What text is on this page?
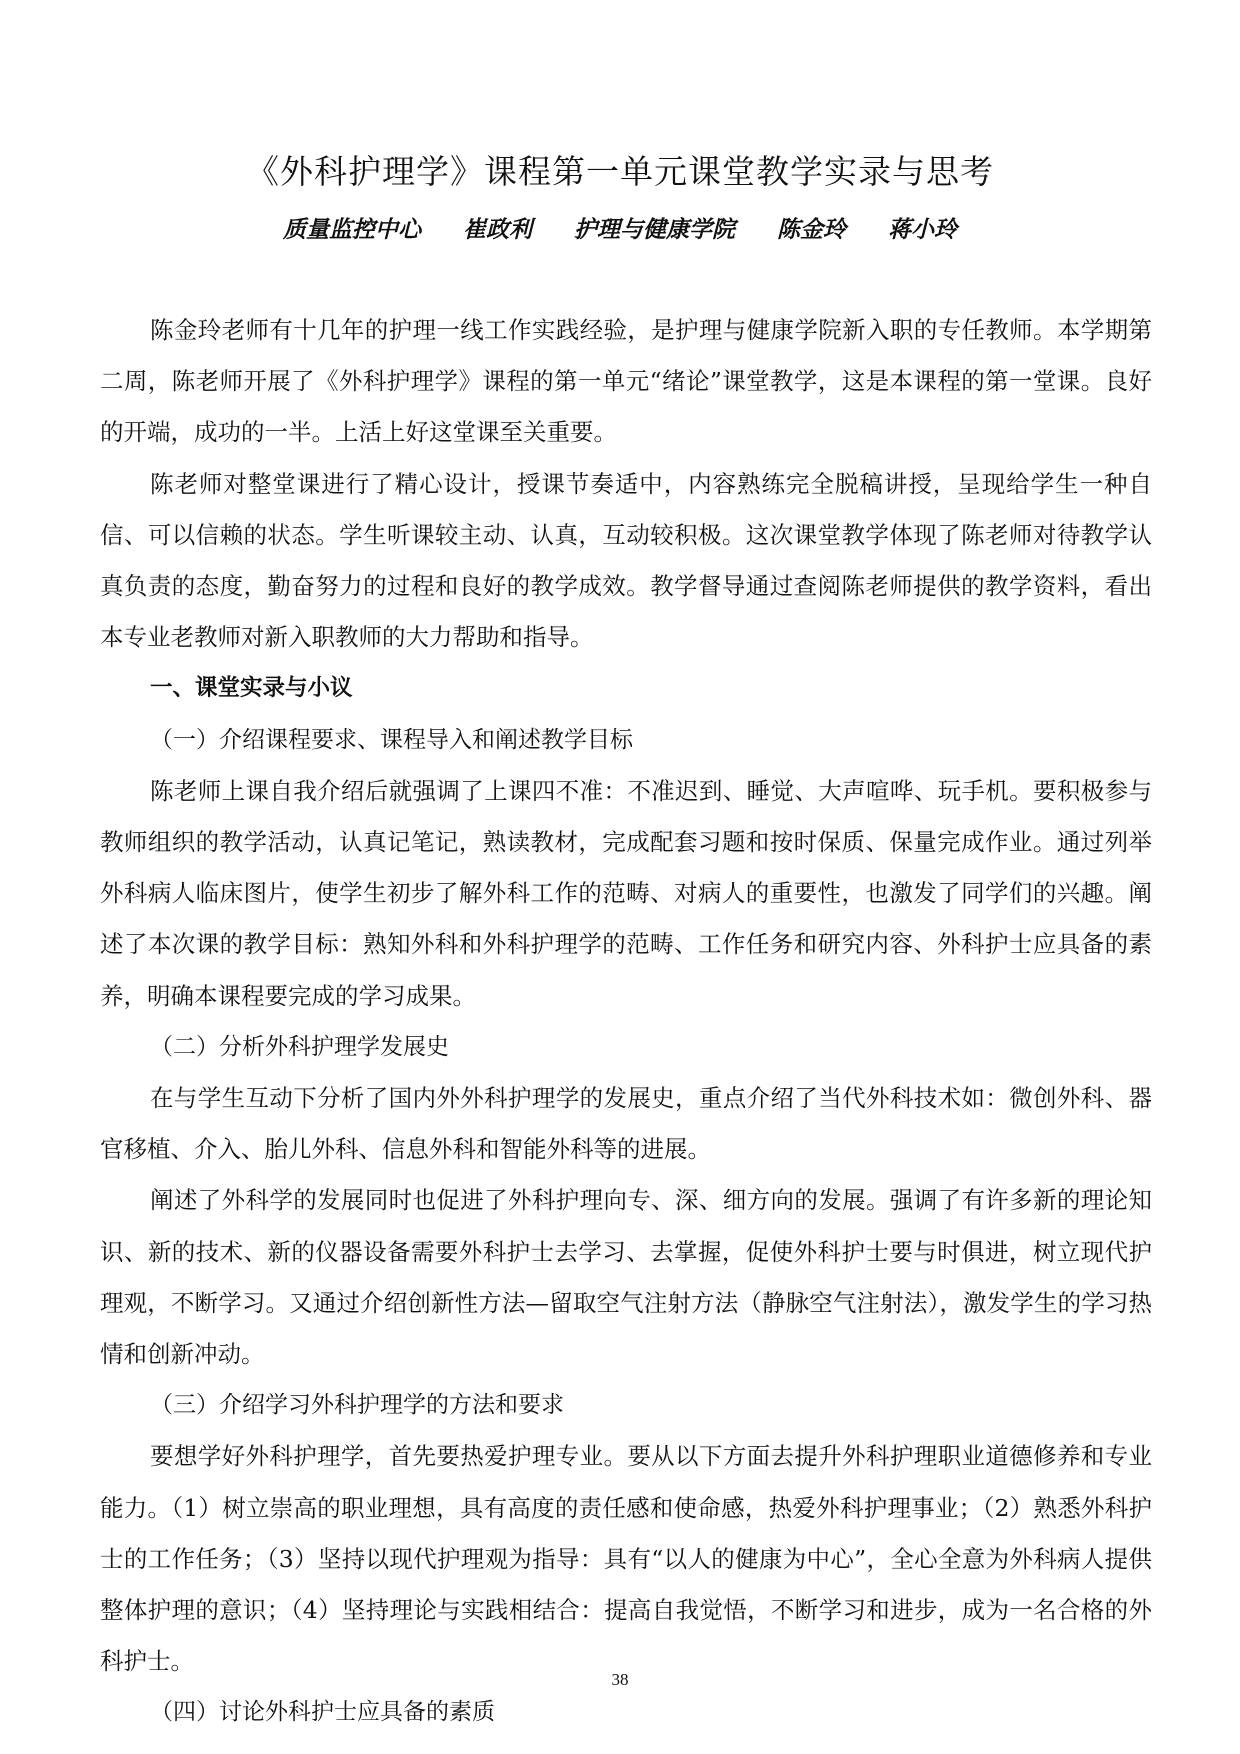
《外科护理学》课程第一单元课堂教学实录与思考
质量监控中心 崔政利 护理与健康学院 陈金玲 蒋小玲

陈金玲老师有十几年的护理一线工作实践经验，是护理与健康学院新入职的专任教师。本学期第二周，陈老师开展了《外科护理学》课程的第一单元“绪论”课堂教学，这是本课程的第一堂课。良好的开端，成功的一半。上活上好这堂课至关重要。

陈老师对整堂课进行了精心设计，授课节奏适中，内容熟练完全脱稿讲授，呈现给学生一种自信、可以信赖的状态。学生听课较主动、认真，互动较积极。这次课堂教学体现了陈老师对待教学认真负责的态度，勤奋努力的过程和良好的教学成效。教学督导通过查阅陈老师提供的教学资料，看出本专业老教师对新入职教师的大力帮助和指导。

一、课堂实录与小议
（一）介绍课程要求、课程导入和阐述教学目标

陈老师上课自我介绍后就强调了上课四不准：不准迟到、睡觉、大声喧哗、玩手机。要积极参与教师组织的教学活动，认真记笔记，熟读教材，完成配套习题和按时保质、保量完成作业。通过列举外科病人临床图片，使学生初步了解外科工作的范畴、对病人的重要性，也激发了同学们的兴趣。阐述了本次课的教学目标：熟知外科和外科护理学的范畴、工作任务和研究内容、外科护士应具备的素养，明确本课程要完成的学习成果。

（二）分析外科护理学发展史

在与学生互动下分析了国内外外科护理学的发展史，重点介绍了当代外科技术如：微创外科、器官移植、介入、胎儿外科、信息外科和智能外科等的进展。

阐述了外科学的发展同时也促进了外科护理向专、深、细方向的发展。强调了有许多新的理论知识、新的技术、新的仪器设备需要外科护士去学习、去掌握，促使外科护士要与时俱进，树立现代护理观，不断学习。又通过介绍创新性方法—留取空气注射方法（静脉空气注射法），激发学生的学习热情和创新冲动。

（三）介绍学习外科护理学的方法和要求

要想学好外科护理学，首先要热爱护理专业。要从以下方面去提升外科护理职业道德修养和专业能力。（1）树立崇高的职业理想，具有高度的责任感和使命感，热爱外科护理事业；（2）熟悉外科护士的工作任务；（3）坚持以现代护理观为指导：具有“以人的健康为中心”，全心全意为外科病人提供整体护理的意识；（4）坚持理论与实践相结合：提高自我觉悟，不断学习和进步，成为一名合格的外科护士。

（四）讨论外科护士应具备的素质
38
